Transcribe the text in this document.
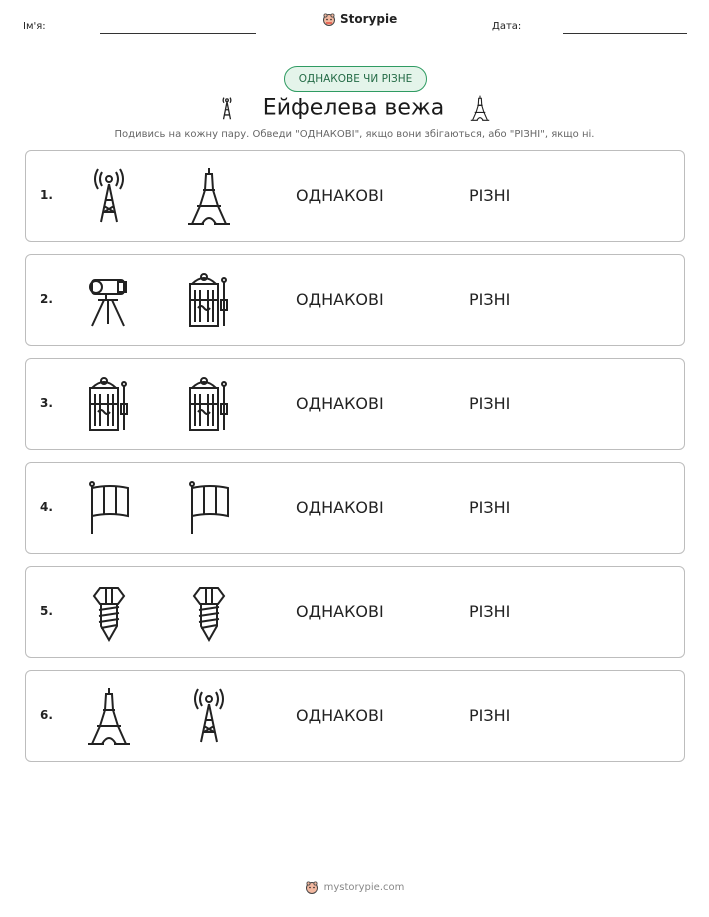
Ім'я:
Storypie
Дата:
ОДНАКОВЕ ЧИ РІЗНЕ
Ейфелева вежа
Подивись на кожну пару. Обведи "ОДНАКОВІ", якщо вони збігаються, або "РІЗНІ", якщо ні.
1.	ОДНАКОВІ	РІЗНІ
2.	ОДНАКОВІ	РІЗНІ
3.	ОДНАКОВІ	РІЗНІ
4.	ОДНАКОВІ	РІЗНІ
5.	ОДНАКОВІ	РІЗНІ
6.	ОДНАКОВІ	РІЗНІ
mystorypie.com
